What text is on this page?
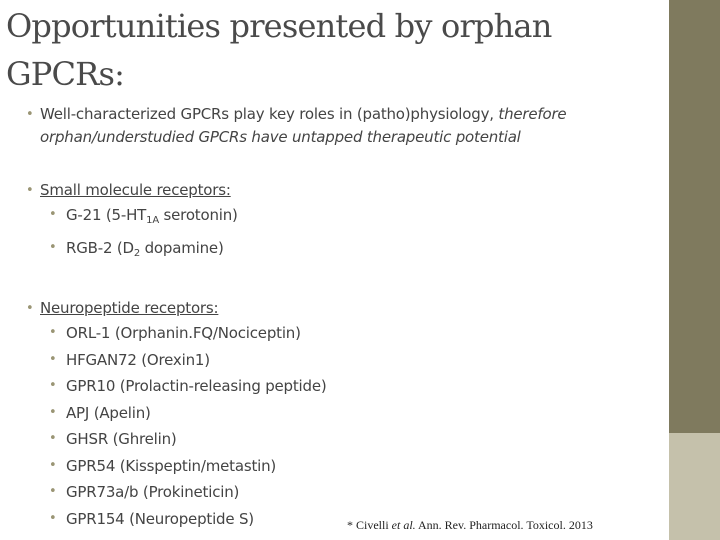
Opportunities presented by orphan GPCRs:
• Well-characterized GPCRs play key roles in (patho)physiology, therefore orphan/understudied GPCRs have untapped therapeutic potential
• Small molecule receptors:
• G-21 ($5-HT_{1A}$ serotonin)
• RGB-2 ($D_2$ dopamine)
• Neuropeptide receptors:
• ORL-1 (Orphanin.FQ/Nociceptin)
• HFGAN72 (Orexin1)
• GPR10 (Prolactin-releasing peptide)
• APJ (Apelin)
• GHSR (Ghrelin)
• GPR54 (Kisspeptin/metastin)
• GPR73a/b (Prokineticin)
• GPR154 (Neuropeptide S)	* Civelli et al. Ann. Rev. Pharmacol. Toxicol. 2013
